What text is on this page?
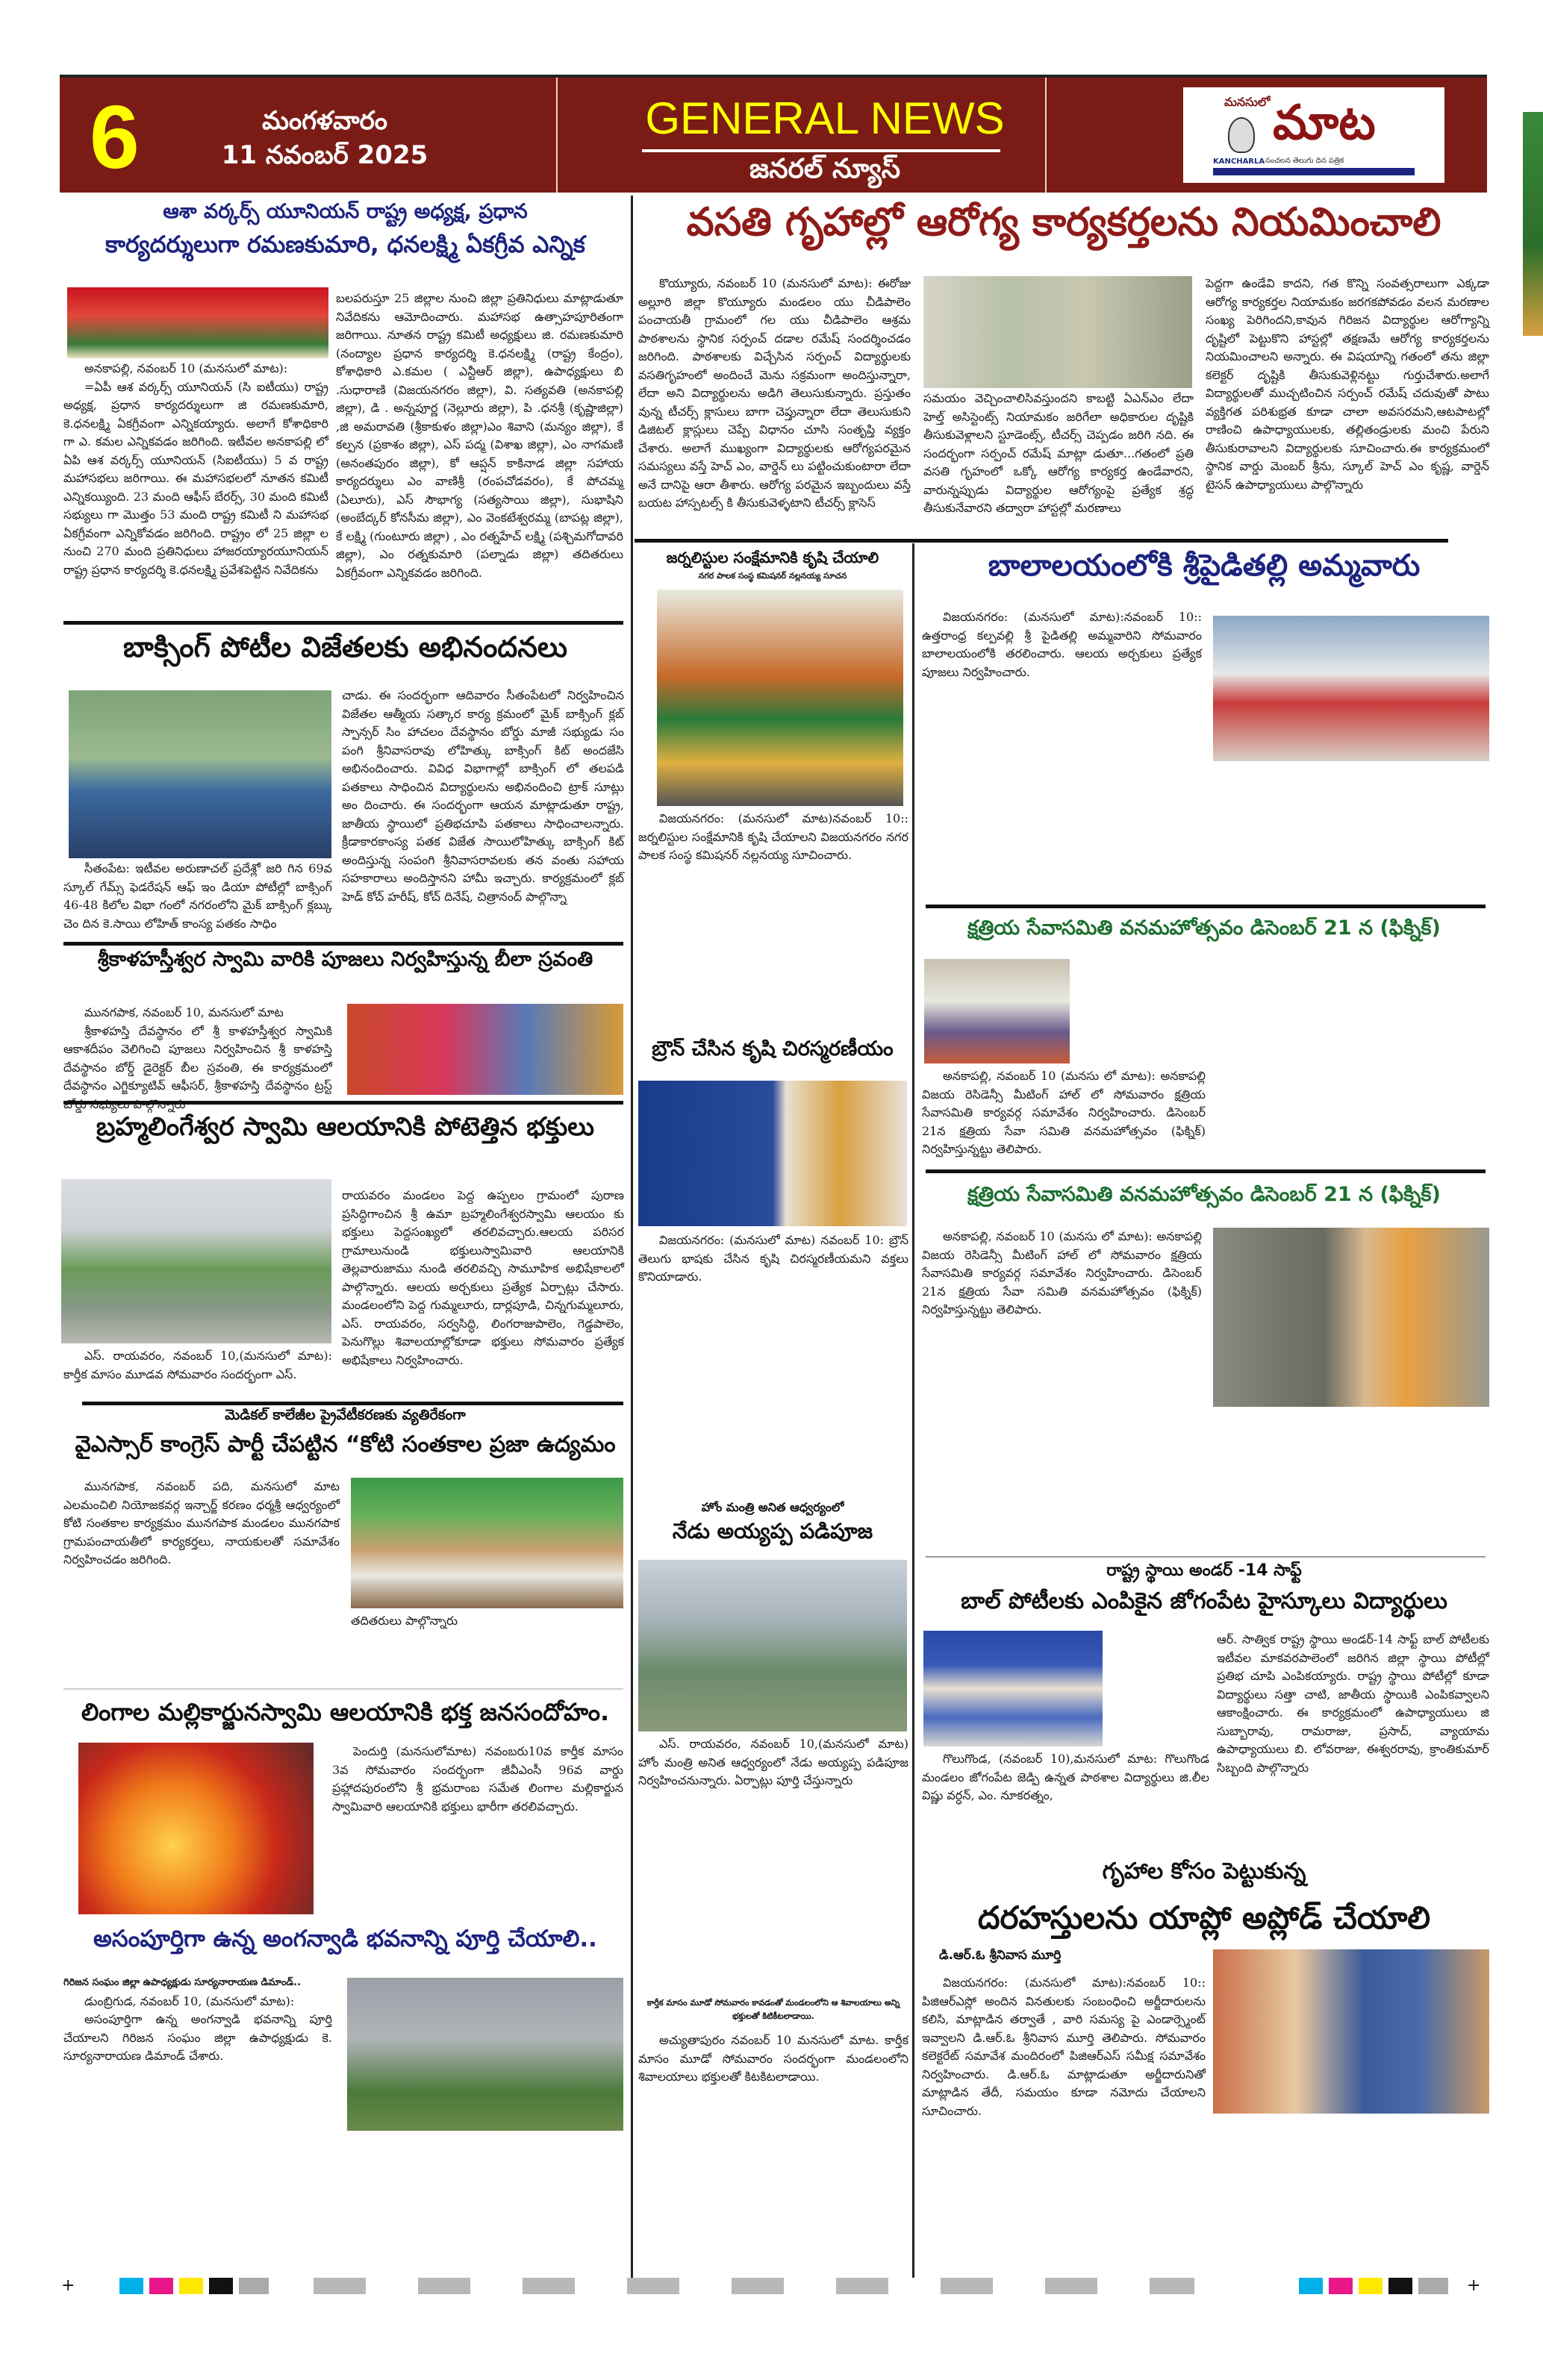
6	మంగళవారం
11 నవంబర్ 2025
GENERAL NEWS
జనరల్ న్యూస్
మనసులో మాట
KANCHARLA సంచలన తెలుగు దిన పత్రిక
ఆశా వర్కర్స్ యూనియన్ రాష్ట్ర అధ్యక్ష, ప్రధాన
కార్యదర్శులుగా రమణకుమారి, ధనలక్ష్మి ఏకగ్రీవ ఎన్నిక
అనకాపల్లి, నవంబర్ 10 (మనసులో మాట):

=ఏపీ ఆశ వర్కర్స్ యూనియన్ (సి ఐటీయు) రాష్ట్ర అధ్యక్ష, ప్రధాన కార్యదర్శులుగా జి రమణకుమారి, కె.ధనలక్ష్మి ఏకగ్రీవంగా ఎన్నికయ్యారు. అలాగే కోశాధికారి గా ఎ. కమల ఎన్నికవడం జరిగింది. ఇటీవల అనకాపల్లి లో ఏపి ఆశ వర్కర్స్ యూనియన్ (సిఐటీయు) 5 వ రాష్ట్ర మహాసభలు జరిగాయి. ఈ మహాసభలలో నూతన కమిటీ ఎన్నికయ్యింది. 23 మంది ఆఫీస్ బేరర్స్, 30 మంది కమిటీ సభ్యులు గా మొత్తం 53 మంది రాష్ట్ర కమిటీ ని మహాసభ ఏకగ్రీవంగా ఎన్నికోవడం జరిగింది. రాష్ట్రం లో 25 జిల్లా ల నుంచి 270 మంది ప్రతినిధులు హాజరయ్యారయూనియన్ రాష్ట్ర ప్రధాన కార్యదర్శి కె.ధనలక్ష్మి ప్రవేశపెట్టిన నివేదికను

బలపరుస్తూ 25 జిల్లాల నుంచి జిల్లా ప్రతినిధులు మాట్లాడుతూ నివేదికను ఆమోదించారు. మహాసభ ఉత్సాహపూరితంగా జరిగాయి. నూతన రాష్ట్ర కమిటీ అధ్యక్షులు జి. రమణకుమారి (నంద్యాల ప్రధాన కార్యదర్శి కె.ధనలక్ష్మి (రాష్ట్ర కేంద్రం), కోశాధికారి ఎ.కమల ( ఎన్టీఆర్ జిల్లా), ఉపాధ్యక్షులు బి .సుధారాణి (విజయనగరం జిల్లా), వి. సత్యవతి (అనకాపల్లి జిల్లా), డి . అన్నపూర్ణ (నెల్లూరు జిల్లా), పి .ధనశ్రీ (కృష్ణాజిల్లా) ,జి అమరావతి (శ్రీకాకుళం జిల్లా)ఎం శివాని (మన్యం జిల్లా), కే కల్పన (ప్రకాశం జిల్లా), ఎస్ పద్మ (విశాఖ జిల్లా), ఎం నాగమణి (అనంతపురం జిల్లా), కో ఆప్షన్ కాకినాడ జిల్లా సహాయ కార్యదర్శులు ఎం వాణిశ్రీ (రంపచోడవరం), కే పోచమ్మ (ఏలూరు), ఎస్ సౌభాగ్య (సత్యసాయి జిల్లా), సుభాషిని (అంబేద్కర్ కోనసీమ జిల్లా), ఎం వెంకటేశ్వరమ్మ (బాపట్ల జిల్లా), కే లక్ష్మి (గుంటూరు జిల్లా) , ఎం రత్నహేచ్ లక్ష్మి (పశ్చిమగోదావరి జిల్లా), ఎం రత్నకుమారి (పల్నాడు జిల్లా) తదితరులు ఏకగ్రీవంగా ఎన్నికవడం జరిగింది.

బాక్సింగ్ పోటీల విజేతలకు అభినందనలు

సీతంపేట: ఇటీవల అరుణాచల్ ప్రదేశ్లో జరి గిన 69వ స్కూల్ గేమ్స్ ఫెడరేషన్ ఆఫ్ ఇం డియా పోటీల్లో బాక్సింగ్ 46-48 కిలోల విభా గంలో నగరంలోని మైక్ బాక్సింగ్ క్లబ్కు చెం దిన కె.సాయి లోహిత్ కాంస్య పతకం సాధిం

చాడు. ఈ సందర్భంగా ఆదివారం సీతంపేటలో నిర్వహించిన విజేతల ఆత్మీయ సత్కార కార్య క్రమంలో మైక్ బాక్సింగ్ క్లబ్ స్పాన్సర్ సిం హాచలం దేవస్థానం బోర్డు మాజీ సభ్యుడు సం పంగి శ్రీనివాసరావు లోహిత్కు బాక్సింగ్ కిట్ అందజేసి అభినందించారు. వివిధ విభాగాల్లో బాక్సింగ్ లో తలపడి పతకాలు సాధించిన విద్యార్థులను అభినందించి ట్రాక్ సూట్లు అం దించారు. ఈ సందర్భంగా ఆయన మాట్లాడుతూ రాష్ట్ర, జాతీయ స్థాయిలో ప్రతిభచూపి పతకాలు సాధించాలన్నారు. క్రీడాకారకాంస్య పతక విజేత సాయిలోహిత్కు బాక్సింగ్ కిట్ అందిస్తున్న సంపంగి శ్రీనివాసరావలకు తన వంతు సహాయ సహకారాలు అందిస్తానని హామీ ఇచ్చారు. కార్యక్రమంలో క్లబ్ హెడ్ కోచ్ హరీష్, కోచ్ దినేష్, చిత్రానంద్ పాల్గొన్నా

శ్రీకాళహస్తీశ్వర స్వామి వారికి పూజలు నిర్వహిస్తున్న బీలా స్రవంతి
మునగపాక, నవంబర్ 10, మనసులో మాట

శ్రీకాళహస్తి దేవస్థానం లో శ్రీ కాళహస్తీశ్వర స్వామికి ఆకాశదీపం వెలిగించి పూజలు నిర్వహించిన శ్రీ కాళహస్తి దేవస్థానం బోర్డ్ డైరెక్టర్ బీల స్రవంతి, ఈ కార్యక్రమంలో దేవస్థానం ఎగ్జిక్యూటివ్ ఆఫీసర్, శ్రీకాళహస్తి దేవస్థానం ట్రస్ట్

బ్రహ్మలింగేశ్వర స్వామి ఆలయానికి పోటెత్తిన భక్తులు

ఎస్. రాయవరం, నవంబర్ 10,(మనసులో మాట): కార్తీక మాసం మూడవ సోమవారం సందర్భంగా ఎస్.

రాయవరం మండలం పెద్ద ఉప్పలం గ్రామంలో పురాణ ప్రసిద్ధిగాంచిన శ్రీ ఉమా బ్రహ్మలింగేశ్వరస్వామి ఆలయం కు భక్తులు పెద్దసంఖ్యలో తరలివచ్చారు.ఆలయ పరిసర గ్రామాలునుండి భక్తులుస్వామివారి ఆలయానికి తెల్లవారుజాము నుండి తరలివచ్చి సామూహిక అభిషేకాలలో పాల్గొన్నారు. ఆలయ అర్చకులు ప్రత్యేక ఏర్పాట్లు చేసారు. మండలంలోని పెద్ద గుమ్మలూరు, దార్లపూడి, చిన్నగుమ్మలూరు, ఎస్. రాయవరం, సర్వసిద్ధి, లింగరాజుపాలెం, గెడ్డపాలెం, పెనుగొల్లు శివాలయాల్లోకూడా భక్తులు సోమవారం ప్రత్యేక అభిషేకాలు నిర్వహించారు.

మెడికల్ కాలేజీల ప్రైవేటీకరణకు వ్యతిరేకంగా
వైఎస్సార్ కాంగ్రెస్ పార్టీ చేపట్టిన “కోటి సంతకాల ప్రజా ఉద్యమం

మునగపాక, నవంబర్ పది, మనసులో మాట ఎలమంచిలి నియోజకవర్గ ఇన్చార్జ్ కరణం ధర్మశ్రీ ఆధ్వర్యంలో కోటి సంతకాల కార్యక్రమం మునగపాక మండలం మునగపాక గ్రామపంచాయతీలో కార్యకర్తలు, నాయకులతో సమావేశం నిర్వహించడం జరిగింది.

తదితరులు పాల్గొన్నారు

లింగాల మల్లికార్జునస్వామి ఆలయానికి భక్త జనసందోహం.

పెందుర్తి (మనసులోమాట) నవంబరు10వ కార్తీక మాసం 3వ సోమవారం సందర్భంగా జీవీఎంసీ 96వ వార్డు ప్రహ్లాదపురంలోని శ్రీ భ్రమరాంబ సమేత లింగాల మల్లికార్జున స్వామివారి ఆలయానికి భక్తులు భారీగా తరలివచ్చారు.

అసంపూర్తిగా ఉన్న అంగన్వాడి భవనాన్ని పూర్తి చేయాలి..
గిరిజన సంఘం జిల్లా ఉపాధ్యక్షుడు సూర్యనారాయణ డిమాండ్..
డుంబ్రిగుడ, నవంబర్ 10, (మనసులో మాట):

అసంపూర్తిగా ఉన్న అంగన్వాడి భవనాన్ని పూర్తి చేయాలని గిరిజన సంఘం జిల్లా ఉపాధ్యక్షుడు కె. సూర్యనారాయణ డిమాండ్ చేశారు.

వసతి గృహాల్లో ఆరోగ్య కార్యకర్తలను నియమించాలి

కొయ్యూరు, నవంబర్ 10 (మనసులో మాట): ఈరోజు అల్లూరి జిల్లా కొయ్యూరు మండలం యు చీడిపాలెం పంచాయతీ గ్రామంలో గల యు చీడిపాలెం ఆశ్రమ పాఠశాలను స్థానిక సర్పంచ్ దడాల రమేష్ సందర్శించడం జరిగింది. పాఠశాలకు విచ్చేసిన సర్పంచ్ విద్యార్థులకు వసతిగృహంలో అందించే మెను సక్రమంగా అందిస్తున్నారా, లేదా అని విద్యార్థులను అడిగి తెలుసుకున్నారు. ప్రస్తుతం వున్న టీచర్స్ క్లాసులు బాగా చెప్తున్నారా లేదా తెలుసుకుని డిజిటల్ క్లాస్లులు చెప్పే విధానం చూసి సంతృప్తి వ్యక్తం చేశారు. అలాగే ముఖ్యంగా విద్యార్థులకు ఆరోగ్యపరమైన సమస్యలు వస్తే హెచ్ ఎం, వార్డెన్ లు పట్టించుకుంటారా లేదా అనే దానిపై ఆరా తీశారు. ఆరోగ్య పరమైన ఇబ్బందులు వస్తే బయట హాస్పటల్స్ కి తీసుకువెళ్ళటాని టీచర్స్ క్లాసెస్

సమయం వెచ్చించాలిసివస్తుందని కాబట్టి ఏఎన్ఎం లేదా హెల్త్ అసిస్టెంట్స్ నియామకం జరిగేలా అధికారుల దృష్టికి తీసుకువెళ్లాలని స్టూడెంట్స్, టీచర్స్ చెప్పడం జరిగి నది. ఈ సందర్భంగా సర్పంచ్ రమేష్ మాట్లా డుతూ...గతంలో ప్రతి వసతి గృహంలో ఒక్కో ఆరోగ్య కార్యకర్త ఉండేవారని, వారున్నప్పుడు విద్యార్థుల ఆరోగ్యంపై ప్రత్యేక శ్రద్ధ తీసుకునేవారని తద్వారా హాస్టల్లో మరణాలు

పెద్దగా ఉండేవి కాదని, గత కొన్ని సంవత్సరాలుగా ఎక్కడా ఆరోగ్య కార్యకర్తల నియామకం జరగకపోవడం వలన మరణాల సంఖ్య పెరిగిందని,కావున గిరిజన విద్యార్థుల ఆరోగ్యాన్ని దృష్టిలో పెట్టుకొని హాస్టల్లో తక్షణమే ఆరోగ్య కార్యకర్తలను నియమించాలని అన్నారు. ఈ విషయాన్ని గతంలో తను జిల్లా కలెక్టర్ దృష్టికి తీసుకువెళ్లినట్టు గుర్తుచేశారు.అలాగే విద్యార్థులతో ముచ్చటించిన సర్పంచ్ రమేష్ చదువుతో పాటు వ్యక్తిగత పరిశుభ్రత కూడా చాలా అవసరమని,ఆటపాటల్లో రాణించి ఉపాధ్యాయులకు, తల్లితండ్రులకు మంచి పేరుని తీసుకురావాలని విద్యార్థులకు సూచించారు.ఈ కార్యక్రమంలో స్థానిక వార్డు మెంబర్ శ్రీను, స్కూల్ హెచ్ ఎం కృష్ణ, వార్డెన్ టైసన్ ఉపాధ్యాయులు పాల్గొన్నారు

జర్నలిస్టుల సంక్షేమానికి కృషి చేయాలి
నగర పాలక సంస్థ కమిషనర్ నల్లనయ్య సూచన

విజయనగరం: (మనసులో మాట)నవంబర్ 10:: జర్నలిస్టుల సంక్షేమానికి కృషి చేయాలని విజయనగరం నగర పాలక సంస్థ కమిషనర్ నల్లనయ్య సూచించారు.

బ్రౌన్ చేసిన కృషి చిరస్మరణీయం

విజయనగరం: (మనసులో మాట) నవంబర్ 10: బ్రౌన్ తెలుగు భాషకు చేసిన కృషి చిరస్మరణీయమని వక్తలు కొనియాడారు.

హోం మంత్రి అనిత ఆధ్వర్యంలో
నేడు అయ్యప్ప పడిపూజ

ఎస్. రాయవరం, నవంబర్ 10,(మనసులో మాట) హోం మంత్రి అనిత ఆధ్వర్యంలో నేడు అయ్యప్ప పడిపూజ నిర్వహించనున్నారు. ఏర్పాట్లు పూర్తి చేస్తున్నారు

కార్తీక మాసం మూడో సోమవారం కావడంతో మండలంలోని ఆ శివాలయాలు అన్ని భక్తులతో కిటికీటలాడాయి.

అచ్యుతాపురం నవంబర్ 10 మనసులో మాట. కార్తీక మాసం మూడో సోమవారం సందర్భంగా మండలంలోని శివాలయాలు భక్తులతో కిటకిటలాడాయి.

బాలాలయంలోకి శ్రీపైడితల్లి అమ్మవారు

విజయనగరం: (మనసులో మాట):నవంబర్ 10:: ఉత్తరాంధ్ర కల్పవల్లి శ్రీ పైడితల్లి అమ్మవారిని సోమవారం బాలాలయంలోకి తరలించారు. ఆలయ అర్చకులు ప్రత్యేక పూజలు నిర్వహించారు.

క్షత్రియ సేవాసమితి వనమహోత్సవం డిసెంబర్ 21 న (ఫిక్నిక్)

అనకాపల్లి, నవంబర్ 10 (మనసు లో మాట): అనకాపల్లి విజయ రెసిడెన్సీ మీటింగ్ హాల్ లో సోమవారం క్షత్రియ సేవాసమితి కార్యవర్గ సమావేశం నిర్వహించారు. డిసెంబర్ 21న క్షత్రియ సేవా సమితి వనమహోత్సవం (ఫిక్నిక్) నిర్వహిస్తున్నట్టు తెలిపారు.

క్షత్రియ సేవాసమితి వనమహోత్సవం డిసెంబర్ 21 న (ఫిక్నిక్)

అనకాపల్లి, నవంబర్ 10 (మనసు లో మాట): అనకాపల్లి విజయ రెసిడెన్సీ మీటింగ్ హాల్ లో సోమవారం క్షత్రియ సేవాసమితి కార్యవర్గ సమావేశం నిర్వహించారు. డిసెంబర్ 21న క్షత్రియ సేవా సమితి వనమహోత్సవం (ఫిక్నిక్) నిర్వహిస్తున్నట్టు తెలిపారు.

రాష్ట్ర స్థాయి అండర్ -14 సాఫ్ట్
బాల్ పోటీలకు ఎంపికైన జోగంపేట హైస్కూలు విద్యార్థులు

గొలుగొండ, (నవంబర్ 10),మనసులో మాట: గొలుగొండ మండలం జోగంపేట జెడ్పి ఉన్నత పాఠశాల విద్యార్థులు జి.లీల విష్ణు వర్ధన్, ఎం. నూకరత్నం,

ఆర్. సాత్విక రాష్ట్ర స్థాయి అండర్-14 సాఫ్ట్ బాల్ పోటీలకు ఇటీవల మాకవరపాలెంలో జరిగిన జిల్లా స్థాయి పోటీల్లో ప్రతిభ చూపి ఎంపికయ్యారు. రాష్ట్ర స్థాయి పోటీల్లో కూడా విద్యార్థులు సత్తా చాటి, జాతీయ స్థాయికి ఎంపికవ్వాలని ఆకాంక్షించారు. ఈ కార్యక్రమంలో ఉపాధ్యాయులు జి సుబ్బారావు, రామరాజు, ప్రసాద్, వ్యాయామ ఉపాధ్యాయులు బి. లోవరాజు, ఈశ్వరరావు, క్రాంతికుమార్ సిబ్బంది పాల్గొన్నారు

గృహాల కోసం పెట్టుకున్న
దరహస్తులను యాప్లో అప్లోడ్ చేయాలి
డి.ఆర్.ఓ శ్రీనివాస మూర్తి

విజయనగరం: (మనసులో మాట):నవంబర్ 10:: పిజిఆర్ఎస్లో అందిన వినతులకు సంబంధించి అర్జీదారులను కలిసి, మాట్లాడిన తర్వాతే , వారి సమస్య పై ఎండార్స్మెంట్ ఇవ్వాలని డి.ఆర్.ఓ శ్రీనివాస మూర్తి తెలిపారు. సోమవారం కలెక్టరేట్ సమావేశ మందిరంలో పిజిఆర్ఎస్ సమీక్ష సమావేశం నిర్వహించారు. డి.ఆర్.ఓ మాట్లాడుతూ అర్జీదారునితో మాట్లాడిన తేదీ, సమయం కూడా నమోదు చేయాలని సూచించారు.

+	+
